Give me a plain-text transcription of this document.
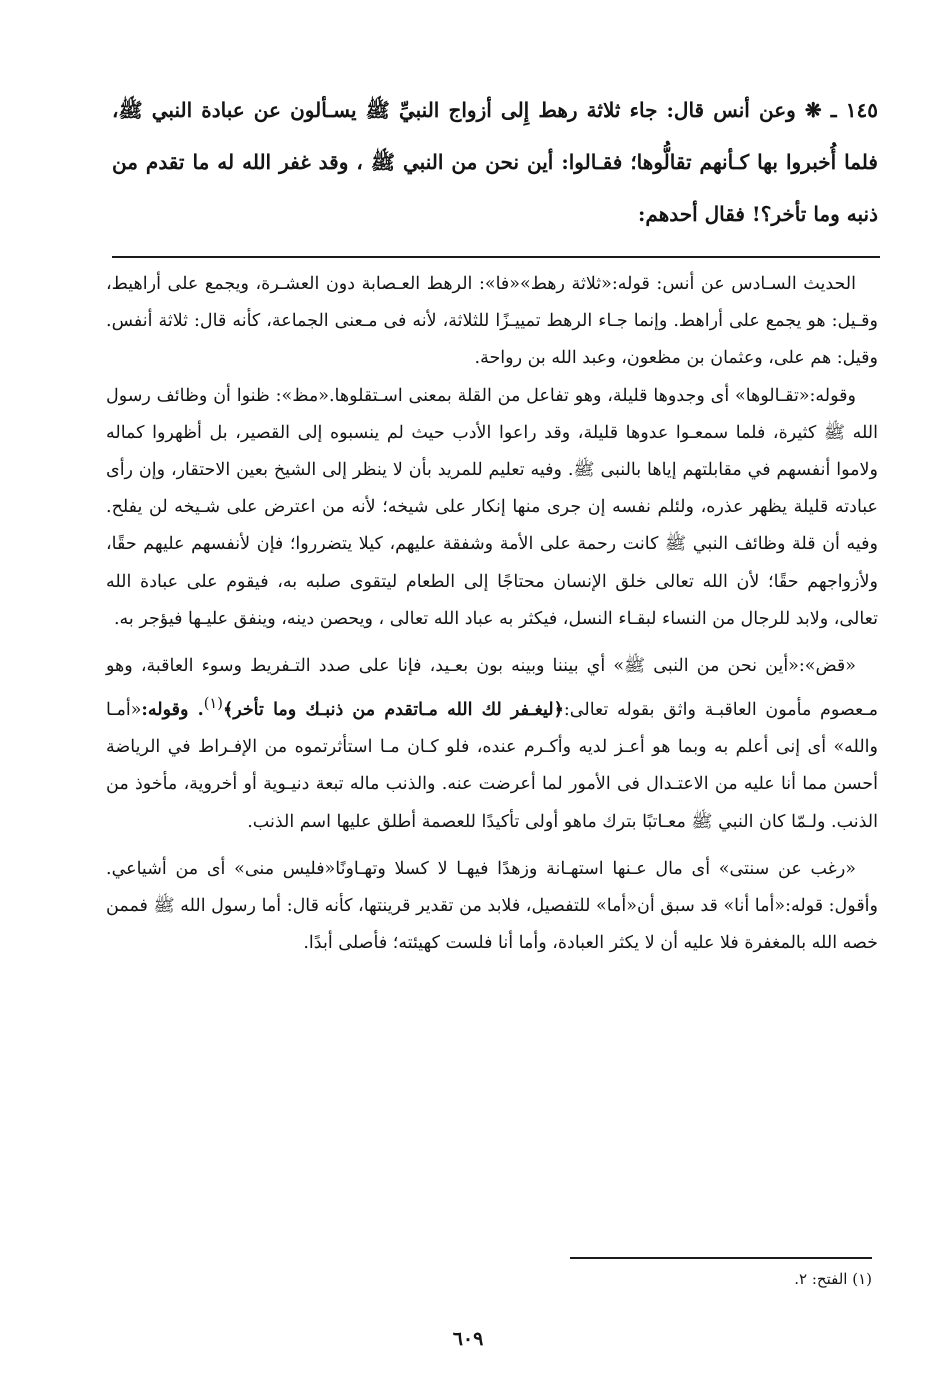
١٤٥ ـ ❋ وعن أنس قال: جاء ثلاثة رهط إِلى أزواج النبيِّ ﷺ يسـألون عن عبادة النبي ﷺ، فلما أُخبروا بها كـأنهم تقالُّوها؛ فقـالوا: أين نحن من النبي ﷺ ، وقد غفر الله له ما تقدم من ذنبه وما تأخر؟! فقال أحدهم:

الحديث السـادس عن أنس: قوله:«ثلاثة رهط»«فا»: الرهط العـصابة دون العشـرة، ويجمع على أراهيط، وقـيل: هو يجمع على أراهط. وإنما جـاء الرهط تمييـزًا للثلاثة، لأنه فى مـعنى الجماعة، كأنه قال: ثلاثة أنفس. وقيل: هم على، وعثمان بن مظعون، وعبد الله بن رواحة.

وقوله:«تقـالوها» أى وجدوها قليلة، وهو تفاعل من القلة بمعنى اسـتقلوها.«مظ»: ظنوا أن وظائف رسول الله ﷺ كثيرة، فلما سمعـوا عدوها قليلة، وقد راعوا الأدب حيث لم ينسبوه إلى القصير، بل أظهروا كماله ولاموا أنفسهم في مقابلتهم إياها بالنبى ﷺ. وفيه تعليم للمريد بأن لا ينظر إلى الشيخ بعين الاحتقار، وإن رأى عبادته قليلة يظهر عذره، ولئلم نفسه إن جرى منها إنكار على شيخه؛ لأنه من اعترض على شـيخه لن يفلح. وفيه أن قلة وظائف النبي ﷺ كانت رحمة على الأمة وشفقة عليهم، كيلا يتضرروا؛ فإن لأنفسهم عليهم حقًا، ولأزواجهم حقًا؛ لأن الله تعالى خلق الإنسان محتاجًا إلى الطعام ليتقوى صلبه به، فيقوم على عبادة الله تعالى، ولابد للرجال من النساء لبقـاء النسل، فيكثر به عباد الله تعالى ، ويحصن دينه، وينفق عليـها فيؤجر به.

«قض»:«أين نحن من النبى ﷺ» أي بيننا وبينه بون بعـيد، فإنا على صدد التـفريط وسوء العاقبة، وهو مـعصوم مأمون العاقبـة واثق بقوله تعالى:﴿ليغـفر لك الله مـاتقدم من ذنبـك وما تأخر﴾$^{(١)}$. وقوله:«أمـا والله» أى إنى أعلم به وبما هو أعـز لديه وأكـرم عنده، فلو كـان مـا استأثرتموه من الإفـراط في الرياضة أحسن مما أنا عليه من الاعتـدال فى الأمور لما أعرضت عنه. والذنب ماله تبعة دنيـوية أو أخروية، مأخوذ من الذنب. ولـمّا كان النبي ﷺ معـاتبًا بترك ماهو أولى تأكيدًا للعصمة أطلق عليها اسم الذنب.

«رغب عن سنتى» أى مال عـنها استهـانة وزهدًا فيهـا لا كسلا وتهـاونًا«فليس منى» أى من أشياعي. وأقول: قوله:«أما أنا» قد سبق أن«أما» للتفصيل، فلابد من تقدير قرينتها، كأنه قال: أما رسول الله ﷺ فممن خصه الله بالمغفرة فلا عليه أن لا يكثر العبادة، وأما أنا فلست كهيئته؛ فأصلى أبدًا.

(١) الفتح: ٢.
٦٠٩
